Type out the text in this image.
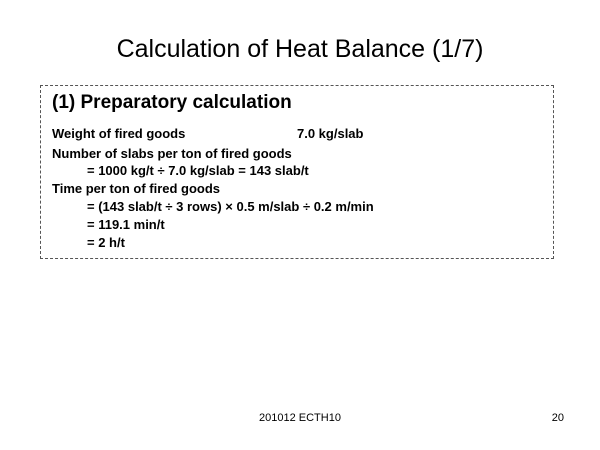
Calculation of Heat Balance (1/7)
(1) Preparatory calculation
Weight of fired goods	7.0 kg/slab
Number of slabs per ton of fired goods
= 1000 kg/t ÷ 7.0 kg/slab = 143 slab/t
Time per ton of fired goods
= (143 slab/t ÷ 3 rows) × 0.5 m/slab ÷ 0.2 m/min
= 119.1 min/t
= 2 h/t
201012 ECTH10	20
